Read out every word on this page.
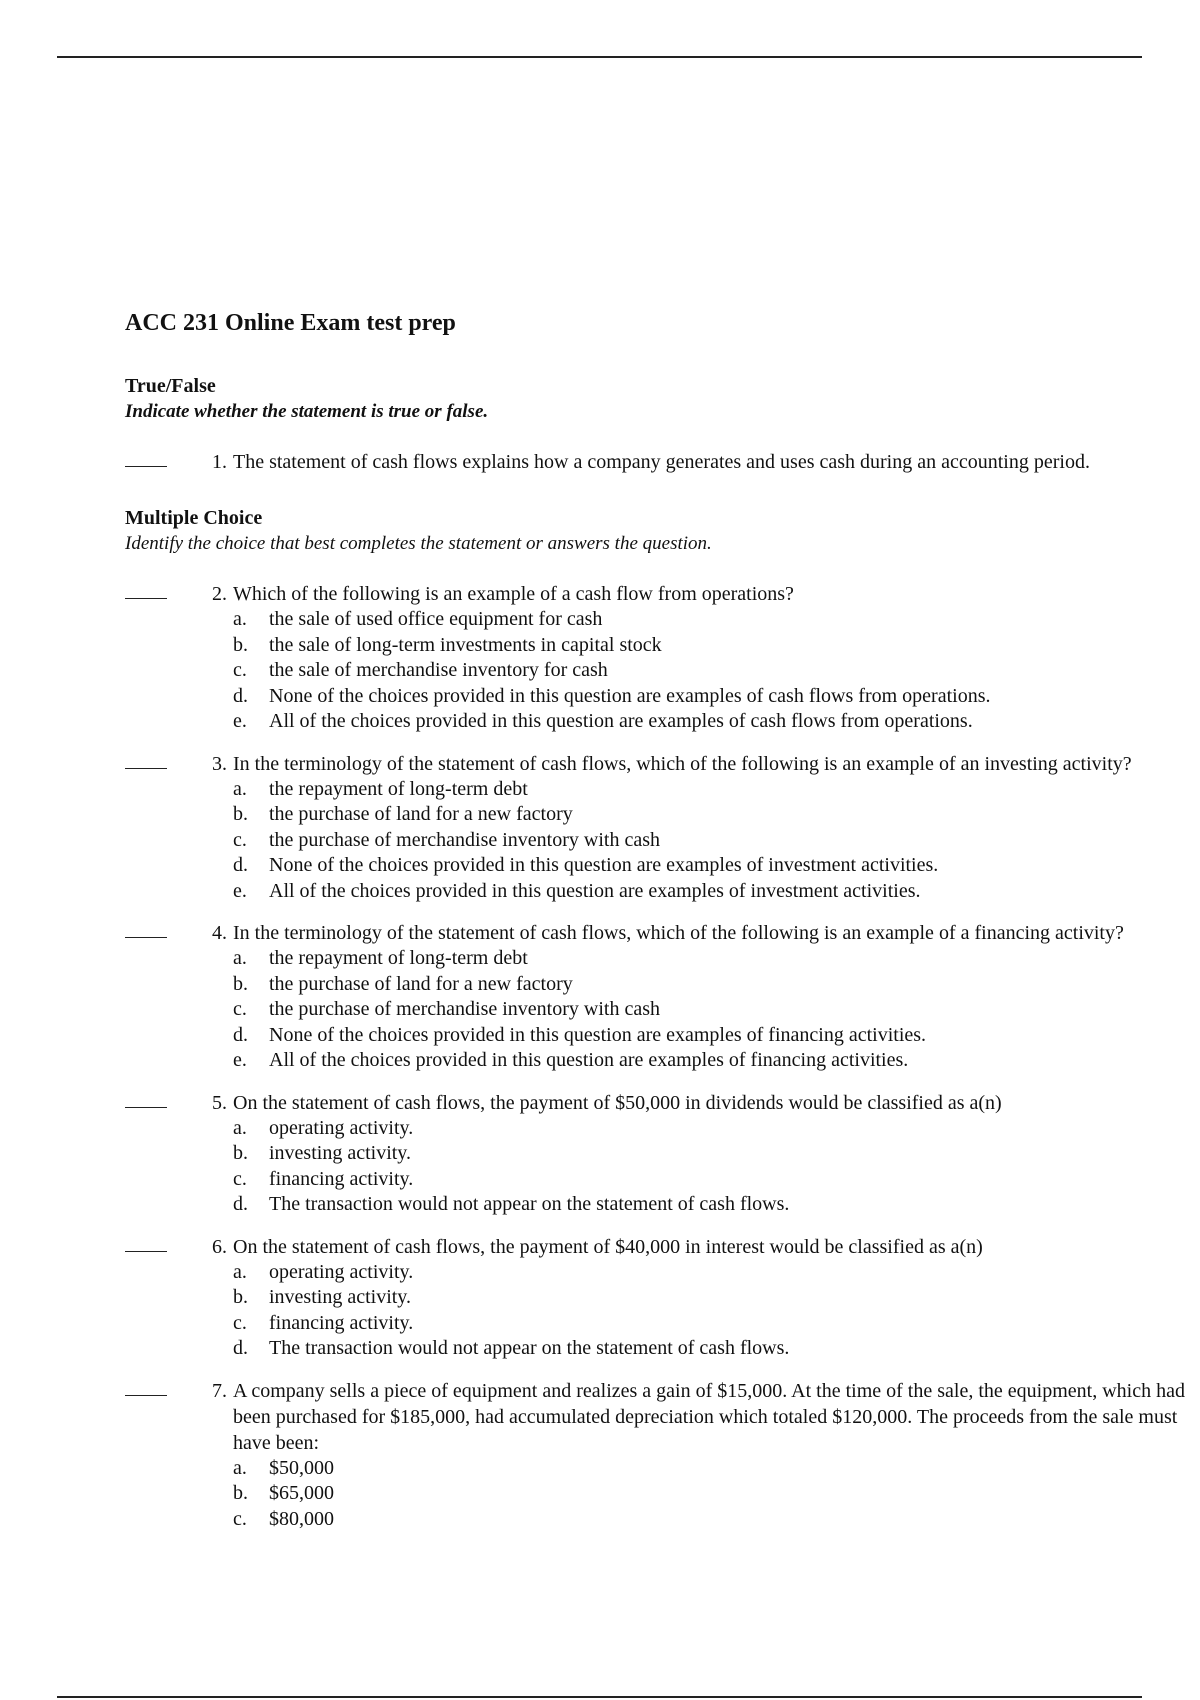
ACC 231 Online Exam test prep
True/False
Indicate whether the statement is true or false.
1. The statement of cash flows explains how a company generates and uses cash during an accounting period.
Multiple Choice
Identify the choice that best completes the statement or answers the question.
2. Which of the following is an example of a cash flow from operations?
a.	the sale of used office equipment for cash
b.	the sale of long-term investments in capital stock
c.	the sale of merchandise inventory for cash
d.	None of the choices provided in this question are examples of cash flows from operations.
e.	All of the choices provided in this question are examples of cash flows from operations.
3. In the terminology of the statement of cash flows, which of the following is an example of an investing activity?
a.	the repayment of long-term debt
b.	the purchase of land for a new factory
c.	the purchase of merchandise inventory with cash
d.	None of the choices provided in this question are examples of investment activities.
e.	All of the choices provided in this question are examples of investment activities.
4. In the terminology of the statement of cash flows, which of the following is an example of a financing activity?
a.	the repayment of long-term debt
b.	the purchase of land for a new factory
c.	the purchase of merchandise inventory with cash
d.	None of the choices provided in this question are examples of financing activities.
e.	All of the choices provided in this question are examples of financing activities.
5. On the statement of cash flows, the payment of $50,000 in dividends would be classified as a(n)
a.	operating activity.
b.	investing activity.
c.	financing activity.
d.	The transaction would not appear on the statement of cash flows.
6. On the statement of cash flows, the payment of $40,000 in interest would be classified as a(n)
a.	operating activity.
b.	investing activity.
c.	financing activity.
d.	The transaction would not appear on the statement of cash flows.
7. A company sells a piece of equipment and realizes a gain of $15,000. At the time of the sale, the equipment, which had been purchased for $185,000, had accumulated depreciation which totaled $120,000. The proceeds from the sale must have been:
a.	$50,000
b.	$65,000
c.	$80,000
